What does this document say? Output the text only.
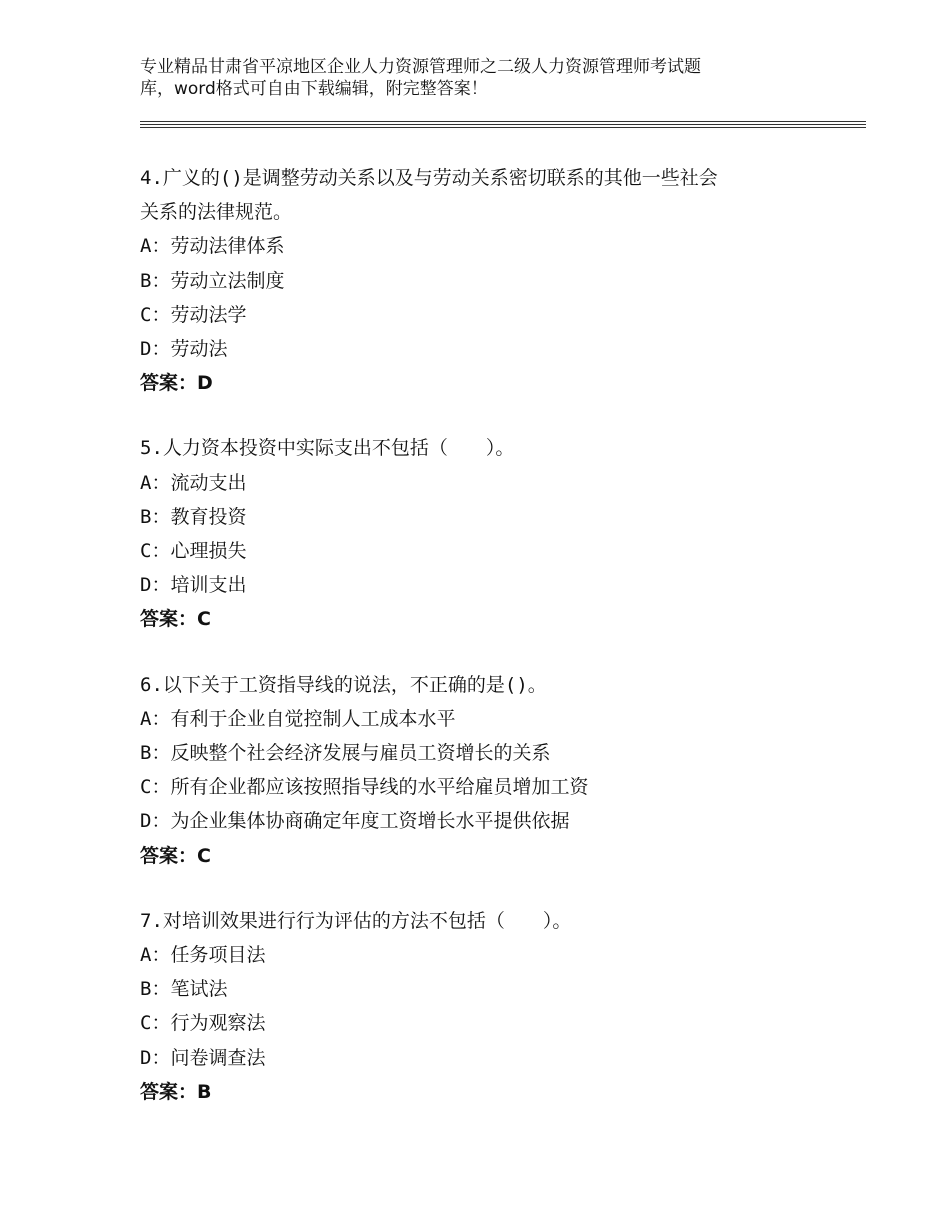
专业精品甘肃省平凉地区企业人力资源管理师之二级人力资源管理师考试题
库，word格式可自由下载编辑，附完整答案！
4.广义的()是调整劳动关系以及与劳动关系密切联系的其他一些社会
关系的法律规范。
A：劳动法律体系
B：劳动立法制度
C：劳动法学
D：劳动法
答案：D
5.人力资本投资中实际支出不包括（　　）。
A：流动支出
B：教育投资
C：心理损失
D：培训支出
答案：C
6.以下关于工资指导线的说法，不正确的是()。
A：有利于企业自觉控制人工成本水平
B：反映整个社会经济发展与雇员工资增长的关系
C：所有企业都应该按照指导线的水平给雇员增加工资
D：为企业集体协商确定年度工资增长水平提供依据
答案：C
7.对培训效果进行行为评估的方法不包括（　　）。
A：任务项目法
B：笔试法
C：行为观察法
D：问卷调查法
答案：B
